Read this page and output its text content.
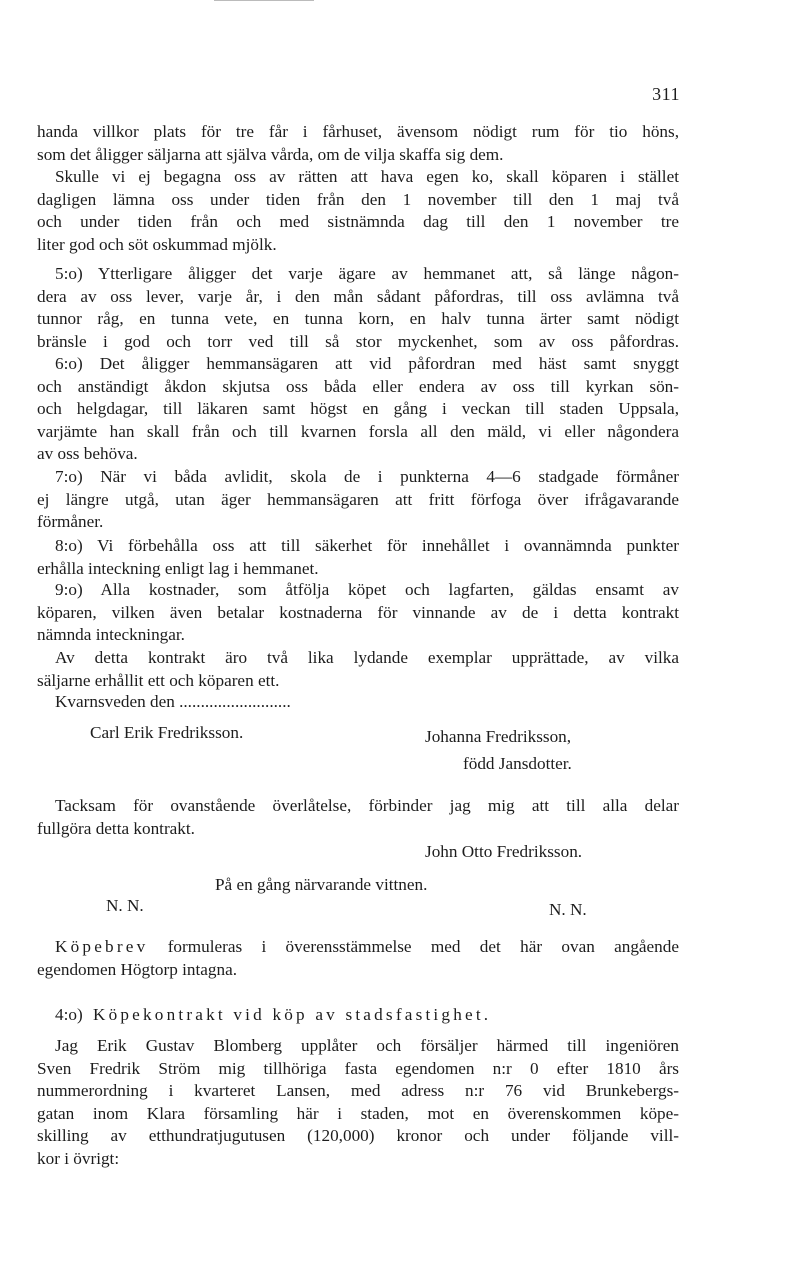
311
handa villkor plats för tre får i fårhuset, ävensom nödigt rum för tio höns,
som det åligger säljarna att själva vårda, om de vilja skaffa sig dem.
Skulle vi ej begagna oss av rätten att hava egen ko, skall köparen i stället
dagligen lämna oss under tiden från den 1 november till den 1 maj två
och under tiden från och med sistnämnda dag till den 1 november tre
liter god och söt oskummad mjölk.
5:o) Ytterligare åligger det varje ägare av hemmanet att, så länge någon-
dera av oss lever, varje år, i den mån sådant påfordras, till oss avlämna två
tunnor råg, en tunna vete, en tunna korn, en halv tunna ärter samt nödigt
bränsle i god och torr ved till så stor myckenhet, som av oss påfordras.
6:o) Det åligger hemmansägaren att vid påfordran med häst samt snyggt
och anständigt åkdon skjutsa oss båda eller endera av oss till kyrkan sön-
och helgdagar, till läkaren samt högst en gång i veckan till staden Uppsala,
varjämte han skall från och till kvarnen forsla all den mäld, vi eller någondera
av oss behöva.
7:o) När vi båda avlidit, skola de i punkterna 4—6 stadgade förmåner
ej längre utgå, utan äger hemmansägaren att fritt förfoga över ifrågavarande
förmåner.
8:o) Vi förbehålla oss att till säkerhet för innehållet i ovannämnda punkter
erhålla inteckning enligt lag i hemmanet.
9:o) Alla kostnader, som åtfölja köpet och lagfarten, gäldas ensamt av
köparen, vilken även betalar kostnaderna för vinnande av de i detta kontrakt
nämnda inteckningar.
Av detta kontrakt äro två lika lydande exemplar upprättade, av vilka
säljarne erhållit ett och köparen ett.
Kvarnsveden den ..........................
Carl Erik Fredriksson.	Johanna Fredriksson,
född Jansdotter.
Tacksam för ovanstående överlåtelse, förbinder jag mig att till alla delar
fullgöra detta kontrakt.
John Otto Fredriksson.
På en gång närvarande vittnen.
N. N.	N. N.
Köpebrev formuleras i överensstämmelse med det här ovan angående
egendomen Högtorp intagna.
4:o) Köpekontrakt vid köp av stadsfastighet.
Jag Erik Gustav Blomberg upplåter och försäljer härmed till ingeniören
Sven Fredrik Ström mig tillhöriga fasta egendomen n:r 0 efter 1810 års
nummerordning i kvarteret Lansen, med adress n:r 76 vid Brunkebergs-
gatan inom Klara församling här i staden, mot en överenskommen köpe-
skilling av etthundratjugutusen (120,000) kronor och under följande vill-
kor i övrigt:
